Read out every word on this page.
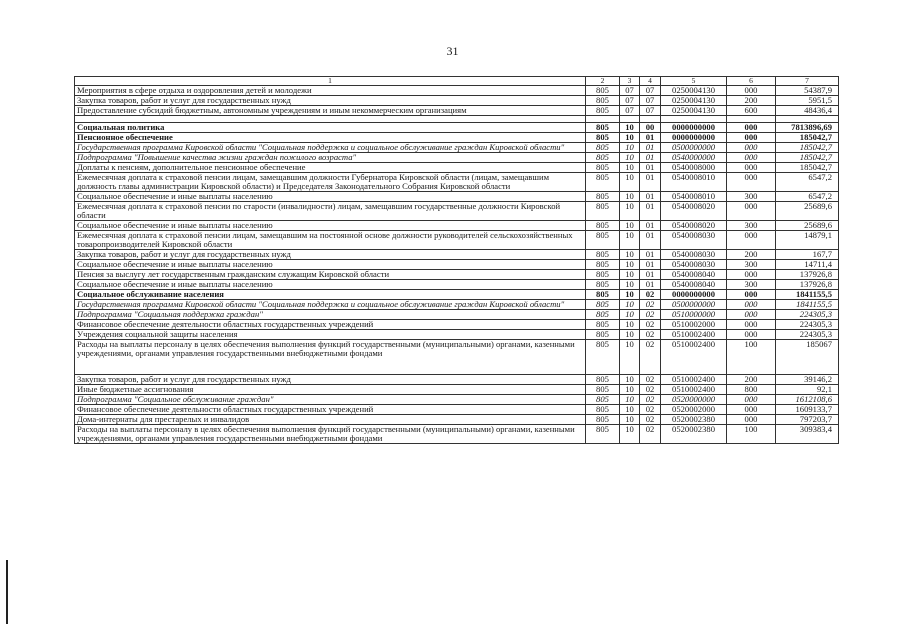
31
1	2	3	4	5	6	7
Мероприятия в сфере отдыха и оздоровления детей и молодежи	805	07	07	0250004130	000	54387,9
Закупка товаров, работ и услуг для государственных нужд	805	07	07	0250004130	200	5951,5
Предоставление субсидий бюджетным, автономным учреждениям и иным некоммерческим организациям	805	07	07	0250004130	600	48436,4

Социальная политика	805	10	00	0000000000	000	7813896,69
Пенсионное обеспечение	805	10	01	0000000000	000	185042,7
Государственная программа Кировской области "Социальная поддержка и социальное обслуживание граждан Кировской области"	805	10	01	0500000000	000	185042,7
Подпрограмма "Повышение качества жизни граждан пожилого возраста"	805	10	01	0540000000	000	185042,7
Доплаты к пенсиям, дополнительное пенсионное обеспечение	805	10	01	0540008000	000	185042,7
Ежемесячная доплата к страховой пенсии лицам, замещавшим должности Губернатора Кировской области (лицам, замещавшим должность главы администрации Кировской области) и Председателя Законодательного Собрания Кировской области	805	10	01	0540008010	000	6547,2
Социальное обеспечение и иные выплаты населению	805	10	01	0540008010	300	6547,2
Ежемесячная доплата к страховой пенсии по старости (инвалидности) лицам, замещавшим государственные должности Кировской области	805	10	01	0540008020	000	25689,6
Социальное обеспечение и иные выплаты населению	805	10	01	0540008020	300	25689,6
Ежемесячная доплата к страховой пенсии лицам, замещавшим на постоянной основе должности руководителей сельскохозяйственных товаропроизводителей Кировской области	805	10	01	0540008030	000	14879,1
Закупка товаров, работ и услуг для государственных нужд	805	10	01	0540008030	200	167,7
Социальное обеспечение и иные выплаты населению	805	10	01	0540008030	300	14711,4
Пенсия за выслугу лет государственным гражданским служащим Кировской области	805	10	01	0540008040	000	137926,8
Социальное обеспечение и иные выплаты населению	805	10	01	0540008040	300	137926,8
Социальное обслуживание населения	805	10	02	0000000000	000	1841155,5
Государственная программа Кировской области "Социальная поддержка и социальное обслуживание граждан Кировской области"	805	10	02	0500000000	000	1841155,5
Подпрограмма "Социальная поддержка граждан"	805	10	02	0510000000	000	224305,3
Финансовое обеспечение деятельности областных государственных учреждений	805	10	02	0510002000	000	224305,3
Учреждения социальной защиты населения	805	10	02	0510002400	000	224305,3
Расходы на выплаты персоналу в целях обеспечения выполнения функций государственными (муниципальными) органами, казенными учреждениями, органами управления государственными внебюджетными фондами	805	10	02	0510002400	100	185067
Закупка товаров, работ и услуг для государственных нужд	805	10	02	0510002400	200	39146,2
Иные бюджетные ассигнования	805	10	02	0510002400	800	92,1
Подпрограмма "Социальное обслуживание граждан"	805	10	02	0520000000	000	1612108,6
Финансовое обеспечение деятельности областных государственных учреждений	805	10	02	0520002000	000	1609133,7
Дома-интернаты для престарелых и инвалидов	805	10	02	0520002380	000	797203,7
Расходы на выплаты персоналу в целях обеспечения выполнения функций государственными (муниципальными) органами, казенными учреждениями, органами управления государственными внебюджетными фондами	805	10	02	0520002380	100	309383,4
